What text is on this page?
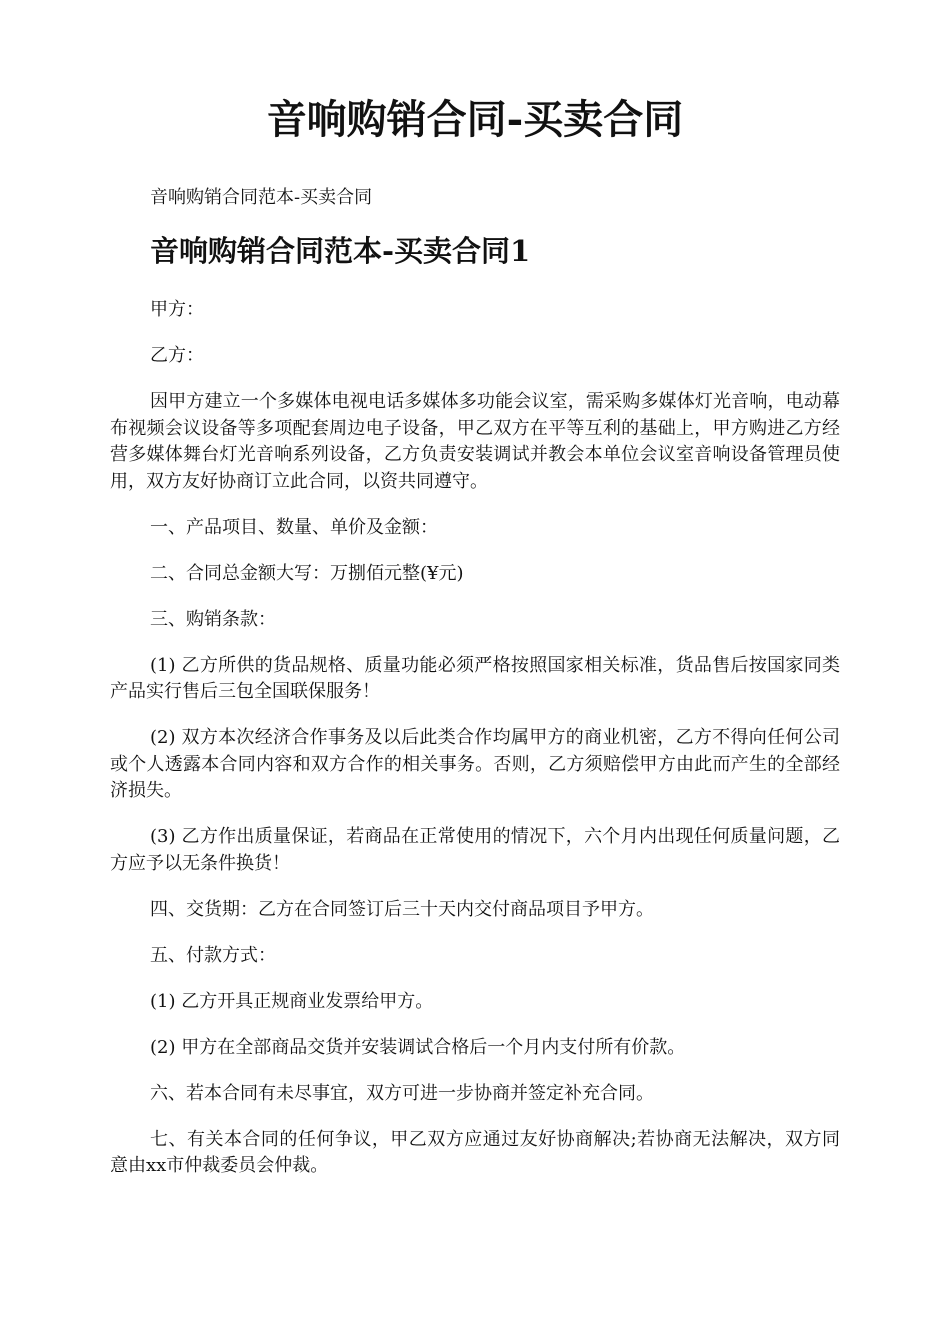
音响购销合同-买卖合同

音响购销合同范本-买卖合同

音响购销合同范本-买卖合同1

甲方：

乙方：

因甲方建立一个多媒体电视电话多媒体多功能会议室，需采购多媒体灯光音响，电动幕布视频会议设备等多项配套周边电子设备，甲乙双方在平等互利的基础上，甲方购进乙方经营多媒体舞台灯光音响系列设备，乙方负责安装调试并教会本单位会议室音响设备管理员使用，双方友好协商订立此合同，以资共同遵守。

一、产品项目、数量、单价及金额：

二、合同总金额大写：万捌佰元整(¥元)

三、购销条款：

(1) 乙方所供的货品规格、质量功能必须严格按照国家相关标准，货品售后按国家同类产品实行售后三包全国联保服务！

(2) 双方本次经济合作事务及以后此类合作均属甲方的商业机密，乙方不得向任何公司或个人透露本合同内容和双方合作的相关事务。否则，乙方须赔偿甲方由此而产生的全部经济损失。

(3) 乙方作出质量保证，若商品在正常使用的情况下，六个月内出现任何质量问题，乙方应予以无条件换货！

四、交货期：乙方在合同签订后三十天内交付商品项目予甲方。

五、付款方式：

(1) 乙方开具正规商业发票给甲方。

(2) 甲方在全部商品交货并安装调试合格后一个月内支付所有价款。

六、若本合同有未尽事宜，双方可进一步协商并签定补充合同。

七、有关本合同的任何争议，甲乙双方应通过友好协商解决;若协商无法解决，双方同意由xx市仲裁委员会仲裁。
